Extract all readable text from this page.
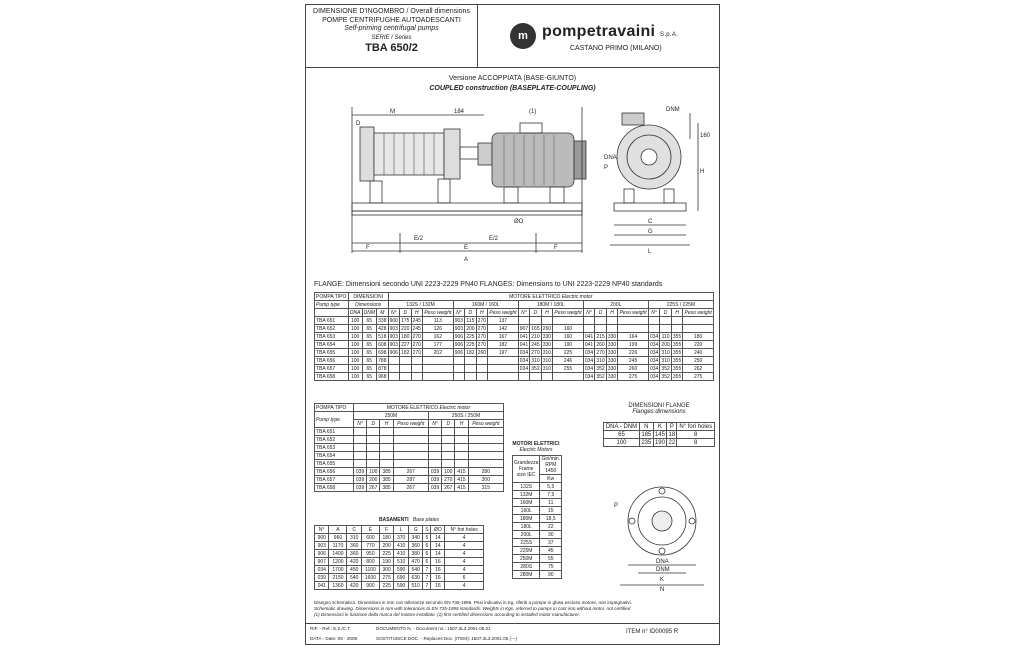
DIMENSIONE D'INGOMBRO / Overall dimensions
POMPE CENTRIFUGHE AUTOADESCANTI
Self-priming centrifugal pumps
SERIE / Series
TBA 650/2
m pompetravaini S.p.A.
CASTANO PRIMO (MILANO)
Versione ACCOPPIATA (BASE-GIUNTO)
COUPLED construction (BASEPLATE-COUPLING)
M	184	(1)
D
ØO
E/2	E/2
E
F	F
A
DNM
160
H
C
G
L
P
DNA
FLANGE: Dimensioni secondo UNI 2223-2229 PN40 FLANGES: Dimensions to UNI 2223-2229 NP40 standards
POMPA TIPO	DIMENSIONI			MOTORE ELETTRICO Electric motor																			
Pump type	Dimensions			132S / 132M				160M / 160L				180M / 180L				200L				225S / 225M			
	DNA	DNM	M	N°	D	H	Peso weight	N°	D	H	Peso weight	N°	D	H	Peso weight	N°	D	H	Peso weight	N°	D	H	Peso weight
TBA 651	100	65	338	900	175	245	113	903	115	270	137												
TBA 652	100	65	428	903	220	245	126	903	200	270	142	907	165	260	160								
TBA 653	100	65	518	903	180	270	162	906	225	270	167	041	210	330	160	041	215	330	164	034	110	355	180
TBA 654	100	65	608	903	227	270	177	906	225	270	182	041	245	330	190	041	260	330	199	034	200	355	220
TBA 655	100	65	698	906	182	270	202	906	182	260	197	034	270	310	225	034	270	330	226	034	310	355	240
TBA 656	100	65	788									034	310	310	246	034	310	330	245	034	310	355	250
TBA 657	100	65	878									034	352	310	255	034	352	330	260	034	352	355	262
TBA 658	100	65	968													034	352	330	275	034	352	355	275
POMPA TIPO	MOTORE ELETTRICO Electric motor							
Pump type	250M				250S / 250M			
	N°	D	H	Peso weight	N°	D	H	Peso weight
TBA 651								
TBA 652								
TBA 653								
TBA 654								
TBA 655								
TBA 656	039	100	385	267	039	100	415	280
TBA 657	039	200	385	287	039	270	415	300
TBA 658	039	267	385	267	039	267	415	315
MOTORI ELETTRICI
Electric Motors
Grandezza Frame size IEC	Giri/min. RPM 1450
	Kw
132S	5,5
132M	7,5
160M	11
160L	15
180M	18,5
180L	22
200L	30
225S	37
225M	45
250M	55
280S	75
280M	90
DIMENSIONI FLANGE
Flanges dimensions
DNA - DNM	N	K	P	N° fori holes
65	185	145	18	8
100	235	190	22	8
P
DNA
DNM
K
N
BASAMENTI Base plates
N°	A	C	E	F	L	G	S	ØO	N° fori holes
900	960	310	600	180	370	340	5	14	4
903	1170	360	770	200	410	360	6	14	4
906	1400	360	950	225	410	380	6	14	4
907	1200	420	800	190	510	470	6	16	4
034	1700	450	1100	300	590	540	7	16	4
039	2150	540	1600	275	690	630	7	16	6
041	1360	420	900	225	590	510	7	16	4
Disegno schematico. Dimensioni in mm con tolleranze secondo EN 735-1995. Pesi indicativi in Kg. riferiti a pompe in ghisa escluso motore, non impegnativi.
Schematic drawing. Dimensions in mm with tolerances to EN 735-1995 standards. Weights in Kgs. referred to pumps in cast iron without motor, not certified
(1) Dimensioni in funzione della marca del motore installato. (1) first certified dimensions according to installed motor manufacturer.
RIF. - Ref.: E.2./C.T.	DOCUMENTO N. - Document no.: 1507.2L3.2001.06.01
DATA - Date: 09 - 2009	SOSTITUISCE DOC. - Replaces Doc. (ITEM): 1507.2L3.2001.05 (---)
ITEM n° ID00095 R
